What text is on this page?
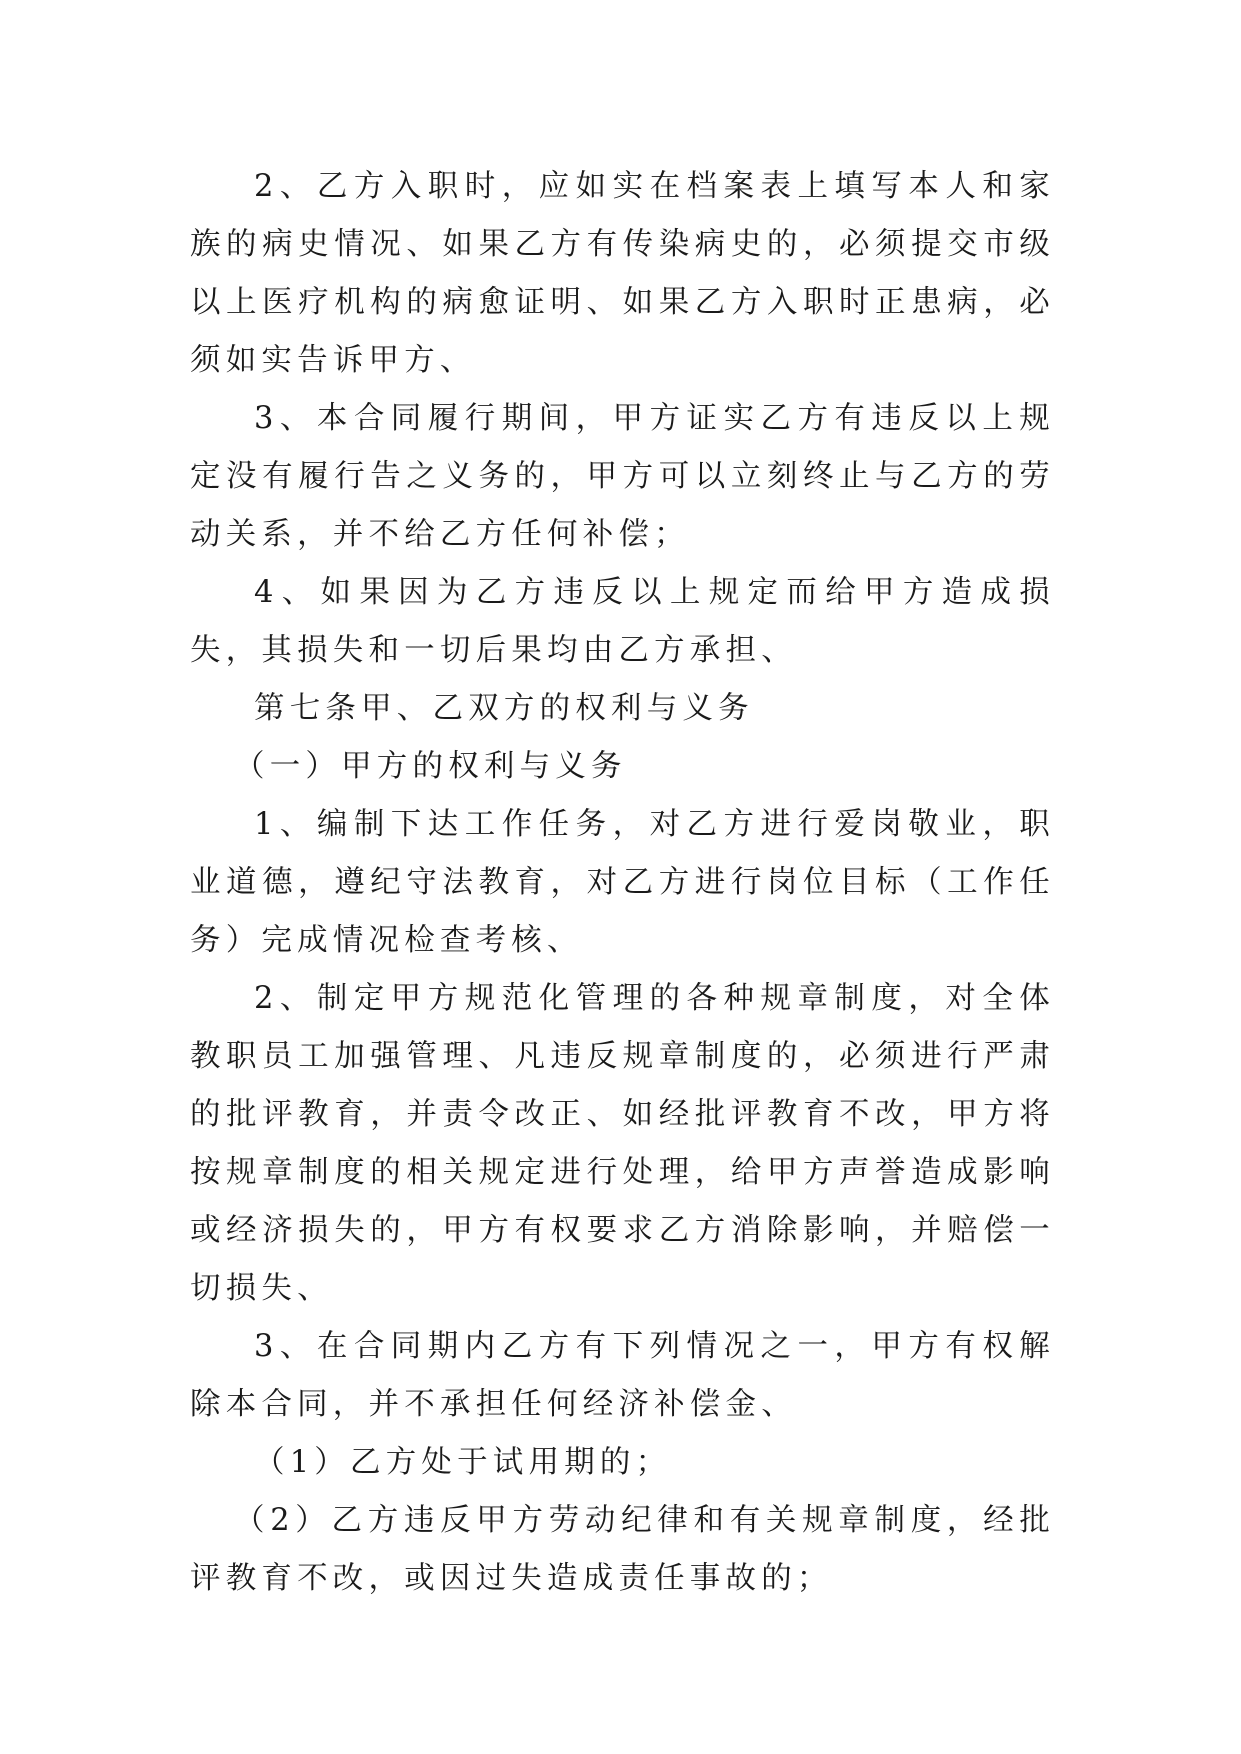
2、乙方入职时，应如实在档案表上填写本人和家族的病史情况、如果乙方有传染病史的，必须提交市级以上医疗机构的病愈证明、如果乙方入职时正患病，必须如实告诉甲方、

3、本合同履行期间，甲方证实乙方有违反以上规定没有履行告之义务的，甲方可以立刻终止与乙方的劳动关系，并不给乙方任何补偿；

4、如果因为乙方违反以上规定而给甲方造成损失，其损失和一切后果均由乙方承担、

第七条甲、乙双方的权利与义务

（一）甲方的权利与义务

1、编制下达工作任务，对乙方进行爱岗敬业，职业道德，遵纪守法教育，对乙方进行岗位目标（工作任务）完成情况检查考核、

2、制定甲方规范化管理的各种规章制度，对全体教职员工加强管理、凡违反规章制度的，必须进行严肃的批评教育，并责令改正、如经批评教育不改，甲方将按规章制度的相关规定进行处理，给甲方声誉造成影响或经济损失的，甲方有权要求乙方消除影响，并赔偿一切损失、

3、在合同期内乙方有下列情况之一，甲方有权解除本合同，并不承担任何经济补偿金、

（1）乙方处于试用期的；

（2）乙方违反甲方劳动纪律和有关规章制度，经批评教育不改，或因过失造成责任事故的；
